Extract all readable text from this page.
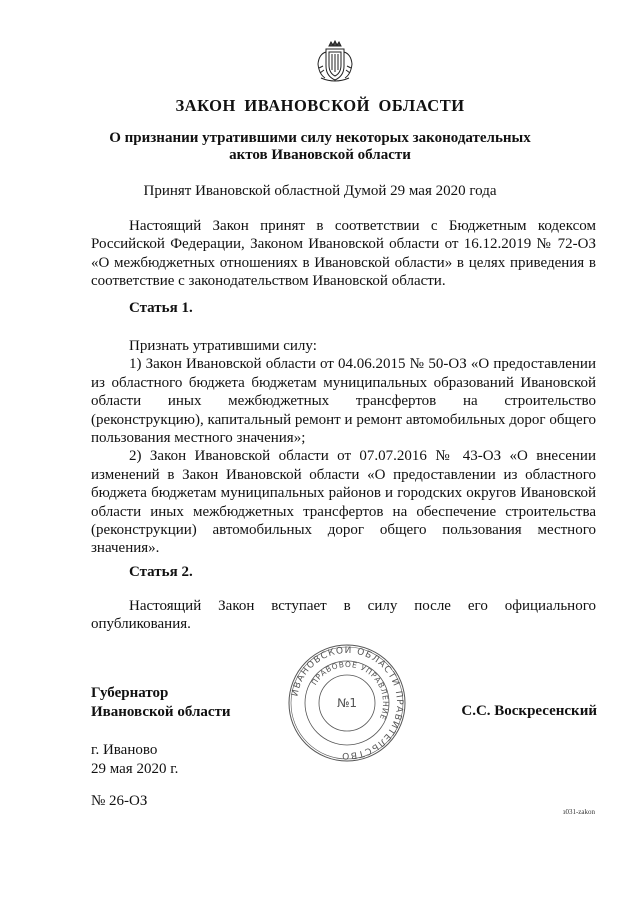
ЗАКОН ИВАНОВСКОЙ ОБЛАСТИ
О признании утратившими силу некоторых законодательных
актов Ивановской области
Принят Ивановской областной Думой 29 мая 2020 года
Настоящий Закон принят в соответствии с Бюджетным кодексом Российской Федерации, Законом Ивановской области от 16.12.2019 № 72-ОЗ «О межбюджетных отношениях в Ивановской области» в целях приведения в соответствие с законодательством Ивановской области.
Статья 1.
Признать утратившими силу:
1) Закон Ивановской области от 04.06.2015 № 50-ОЗ «О предоставлении из областного бюджета бюджетам муниципальных образований Ивановской области иных межбюджетных трансфертов на строительство (реконструкцию), капитальный ремонт и ремонт автомобильных дорог общего пользования местного значения»;
2) Закон Ивановской области от 07.07.2016 № 43-ОЗ «О внесении изменений в Закон Ивановской области «О предоставлении из областного бюджета бюджетам муниципальных районов и городских округов Ивановской области иных межбюджетных трансфертов на обеспечение строительства (реконструкции) автомобильных дорог общего пользования местного значения».
Статья 2.
Настоящий Закон вступает в силу после его официального опубликования.
ИВАНОВСКОЙ ОБЛАСТИ ПРАВИТЕЛЬСТВО
ПРАВОВОЕ УПРАВЛЕНИЕ
№1
Губернатор
Ивановской области	С.С. Воскресенский
г. Иваново
29 мая 2020 г.
№ 26-ОЗ
з031-zakon
